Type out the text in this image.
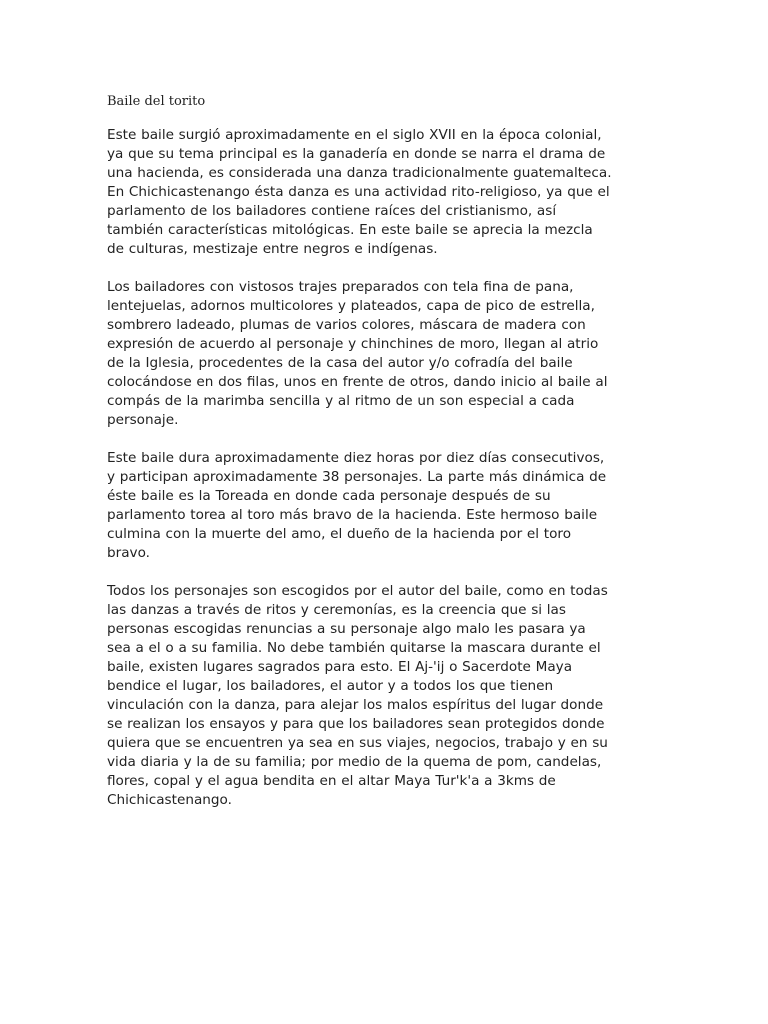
Baile del torito

Este baile surgió aproximadamente en el siglo XVII en la época colonial,
ya que su tema principal es la ganadería en donde se narra el drama de
una hacienda, es considerada una danza tradicionalmente guatemalteca.
En Chichicastenango ésta danza es una actividad rito-religioso, ya que el
parlamento de los bailadores contiene raíces del cristianismo, así
también características mitológicas. En este baile se aprecia la mezcla
de culturas, mestizaje entre negros e indígenas.

Los bailadores con vistosos trajes preparados con tela fina de pana,
lentejuelas, adornos multicolores y plateados, capa de pico de estrella,
sombrero ladeado, plumas de varios colores, máscara de madera con
expresión de acuerdo al personaje y chinchines de moro, llegan al atrio
de la Iglesia, procedentes de la casa del autor y/o cofradía del baile
colocándose en dos filas, unos en frente de otros, dando inicio al baile al
compás de la marimba sencilla y al ritmo de un son especial a cada
personaje.

Este baile dura aproximadamente diez horas por diez días consecutivos,
y participan aproximadamente 38 personajes. La parte más dinámica de
éste baile es la Toreada en donde cada personaje después de su
parlamento torea al toro más bravo de la hacienda. Este hermoso baile
culmina con la muerte del amo, el dueño de la hacienda por el toro
bravo.

Todos los personajes son escogidos por el autor del baile, como en todas
las danzas a través de ritos y ceremonías, es la creencia que si las
personas escogidas renuncias a su personaje algo malo les pasara ya
sea a el o a su familia. No debe también quitarse la mascara durante el
baile, existen lugares sagrados para esto. El Aj-'ij o Sacerdote Maya
bendice el lugar, los bailadores, el autor y a todos los que tienen
vinculación con la danza, para alejar los malos espíritus del lugar donde
se realizan los ensayos y para que los bailadores sean protegidos donde
quiera que se encuentren ya sea en sus viajes, negocios, trabajo y en su
vida diaria y la de su familia; por medio de la quema de pom, candelas,
flores, copal y el agua bendita en el altar Maya Tur'k'a a 3kms de
Chichicastenango.
